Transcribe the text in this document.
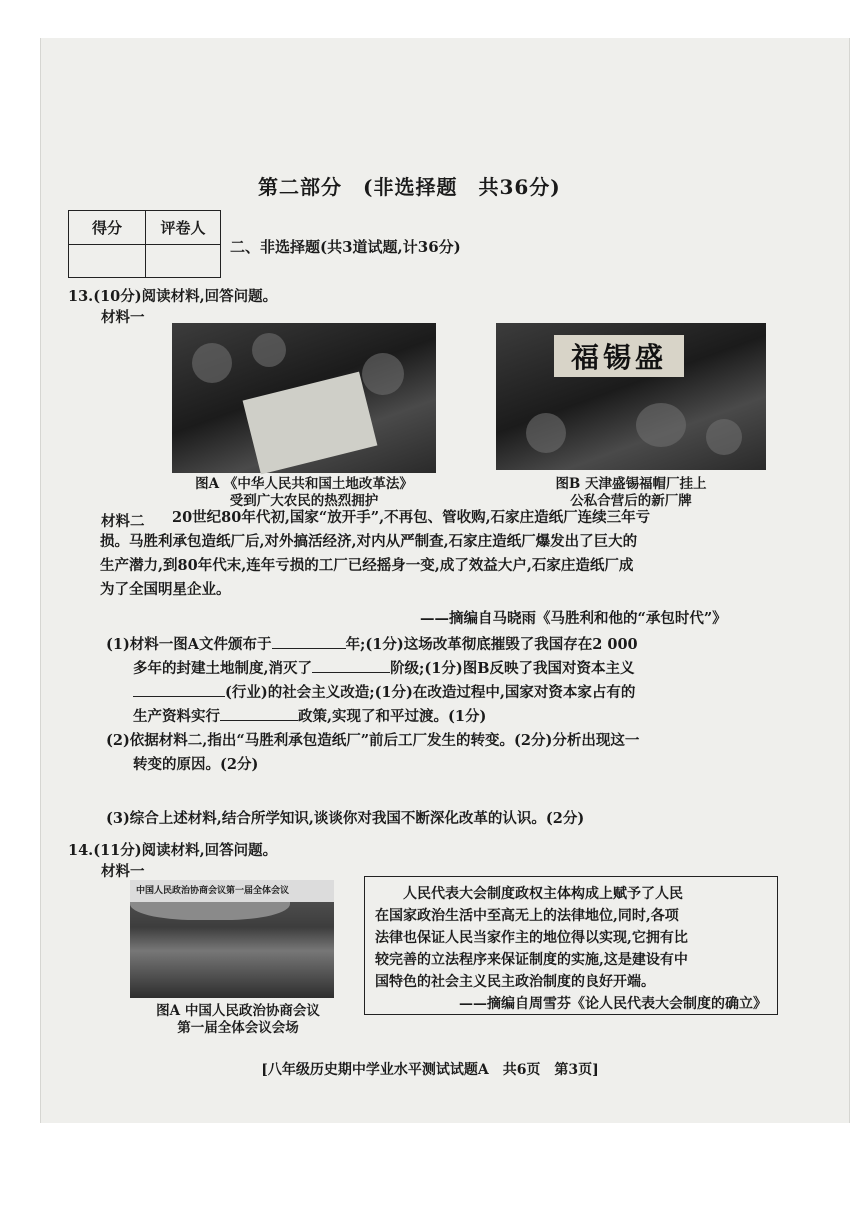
第二部分　(非选择题　共36分)
得分	评卷人

二、非选择题(共3道试题,计36分)
13.(10分)阅读材料,回答问题。
材料一
图A 《中华人民共和国土地改革法》
受到广大农民的热烈拥护
福锡盛
图B 天津盛锡福帽厂挂上
公私合营后的新厂牌
材料二	20世纪80年代初,国家“放开手”,不再包、管收购,石家庄造纸厂连续三年亏
损。马胜利承包造纸厂后,对外搞活经济,对内从严制查,石家庄造纸厂爆发出了巨大的
生产潜力,到80年代末,连年亏损的工厂已经摇身一变,成了效益大户,石家庄造纸厂成
为了全国明星企业。
——摘编自马晓雨《马胜利和他的“承包时代”》
(1)材料一图A文件颁布于	年;(1分)这场改革彻底摧毁了我国存在2 000
多年的封建土地制度,消灭了	阶级;(1分)图B反映了我国对资本主义
(行业)的社会主义改造;(1分)在改造过程中,国家对资本家占有的
生产资料实行	政策,实现了和平过渡。(1分)
(2)依据材料二,指出“马胜利承包造纸厂”前后工厂发生的转变。(2分)分析出现这一
转变的原因。(2分)
(3)综合上述材料,结合所学知识,谈谈你对我国不断深化改革的认识。(2分)
14.(11分)阅读材料,回答问题。
材料一
中国人民政治协商会议第一届全体会议
图A 中国人民政治协商会议
第一届全体会议会场
人民代表大会制度政权主体构成上赋予了人民
在国家政治生活中至高无上的法律地位,同时,各项
法律也保证人民当家作主的地位得以实现,它拥有比
较完善的立法程序来保证制度的实施,这是建设有中
国特色的社会主义民主政治制度的良好开端。
——摘编自周雪芬《论人民代表大会制度的确立》
[八年级历史期中学业水平测试试题A　共6页　第3页]
